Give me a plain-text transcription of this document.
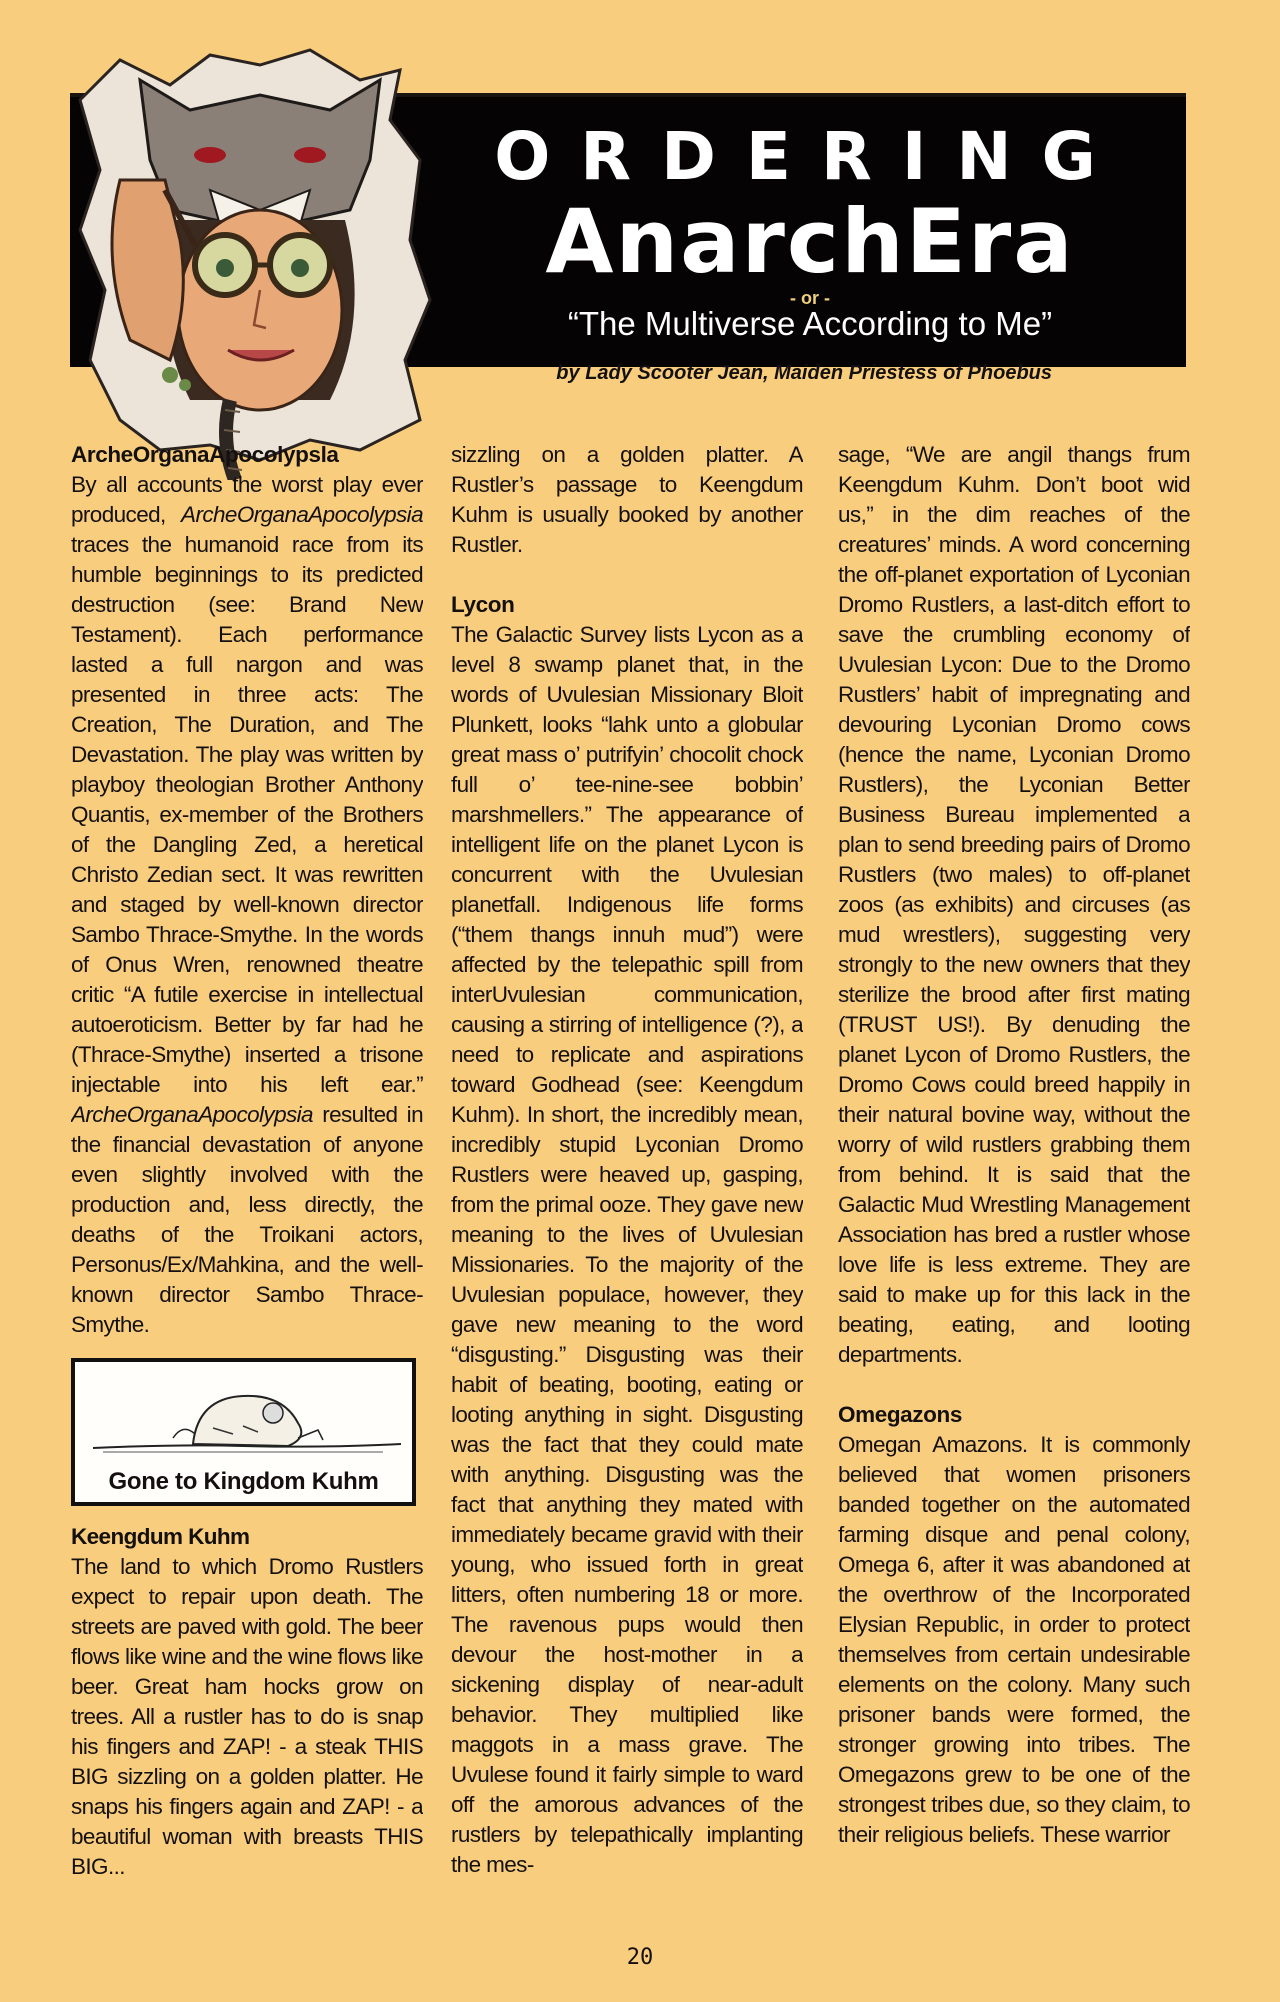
ORDERING
AnarchEra
- or -
“The Multiverse According to Me”
by Lady Scooter Jean, Maiden Priestess of Phoebus
ArcheOrganaApocolypsla

By all accounts the worst play ever produced, ArcheOrganaApocolypsia traces the humanoid race from its humble beginnings to its predicted destruction (see: Brand New Testament). Each performance lasted a full nargon and was presented in three acts: The Creation, The Duration, and The Devastation. The play was written by playboy theologian Brother Anthony Quantis, ex-member of the Brothers of the Dangling Zed, a heretical Christo Zedian sect. It was rewritten and staged by well-known director Sambo Thrace-Smythe. In the words of Onus Wren, renowned theatre critic “A futile exercise in intellectual autoeroticism. Better by far had he (Thrace-Smythe) inserted a trisone injectable into his left ear.” ArcheOrganaApocolypsia resulted in the financial devastation of anyone even slightly involved with the production and, less directly, the deaths of the Troikani actors, Personus/Ex/Mahkina, and the well-known director Sambo Thrace-Smythe.

Gone to Kingdom Kuhm
Keengdum Kuhm

The land to which Dromo Rustlers expect to repair upon death. The streets are paved with gold. The beer flows like wine and the wine flows like beer. Great ham hocks grow on trees. All a rustler has to do is snap his fingers and ZAP! - a steak THIS BIG sizzling on a golden platter. He snaps his fingers again and ZAP! - a beautiful woman with breasts THIS BIG...

sizzling on a golden platter. A Rustler’s passage to Keengdum Kuhm is usually booked by another Rustler.

Lycon

The Galactic Survey lists Lycon as a level 8 swamp planet that, in the words of Uvulesian Missionary Bloit Plunkett, looks “lahk unto a globular great mass o’ putrifyin’ chocolit chock full o’ tee-nine-see bobbin’ marshmellers.” The appearance of intelligent life on the planet Lycon is concurrent with the Uvulesian planetfall. Indigenous life forms (“them thangs innuh mud”) were affected by the telepathic spill from interUvulesian communication, causing a stirring of intelligence (?), a need to replicate and aspirations toward Godhead (see: Keengdum Kuhm). In short, the incredibly mean, incredibly stupid Lyconian Dromo Rustlers were heaved up, gasping, from the primal ooze. They gave new meaning to the lives of Uvulesian Missionaries. To the majority of the Uvulesian populace, however, they gave new meaning to the word “disgusting.” Disgusting was their habit of beating, booting, eating or looting anything in sight. Disgusting was the fact that they could mate with anything. Disgusting was the fact that anything they mated with immediately became gravid with their young, who issued forth in great litters, often numbering 18 or more. The ravenous pups would then devour the host-mother in a sickening display of near-adult behavior. They multiplied like maggots in a mass grave. The Uvulese found it fairly simple to ward off the amorous advances of the rustlers by telepathically implanting the mes-

sage, “We are angil thangs frum Keengdum Kuhm. Don’t boot wid us,” in the dim reaches of the creatures’ minds. A word concerning the off-planet exportation of Lyconian Dromo Rustlers, a last-ditch effort to save the crumbling economy of Uvulesian Lycon: Due to the Dromo Rustlers’ habit of impregnating and devouring Lyconian Dromo cows (hence the name, Lyconian Dromo Rustlers), the Lyconian Better Business Bureau implemented a plan to send breeding pairs of Dromo Rustlers (two males) to off-planet zoos (as exhibits) and circuses (as mud wrestlers), suggesting very strongly to the new owners that they sterilize the brood after first mating (TRUST US!). By denuding the planet Lycon of Dromo Rustlers, the Dromo Cows could breed happily in their natural bovine way, without the worry of wild rustlers grabbing them from behind. It is said that the Galactic Mud Wrestling Management Association has bred a rustler whose love life is less extreme. They are said to make up for this lack in the beating, eating, and looting departments.

Omegazons

Omegan Amazons. It is commonly believed that women prisoners banded together on the automated farming disque and penal colony, Omega 6, after it was abandoned at the overthrow of the Incorporated Elysian Republic, in order to protect themselves from certain undesirable elements on the colony. Many such prisoner bands were formed, the stronger growing into tribes. The Omegazons grew to be one of the strongest tribes due, so they claim, to their religious beliefs. These warrior

20
